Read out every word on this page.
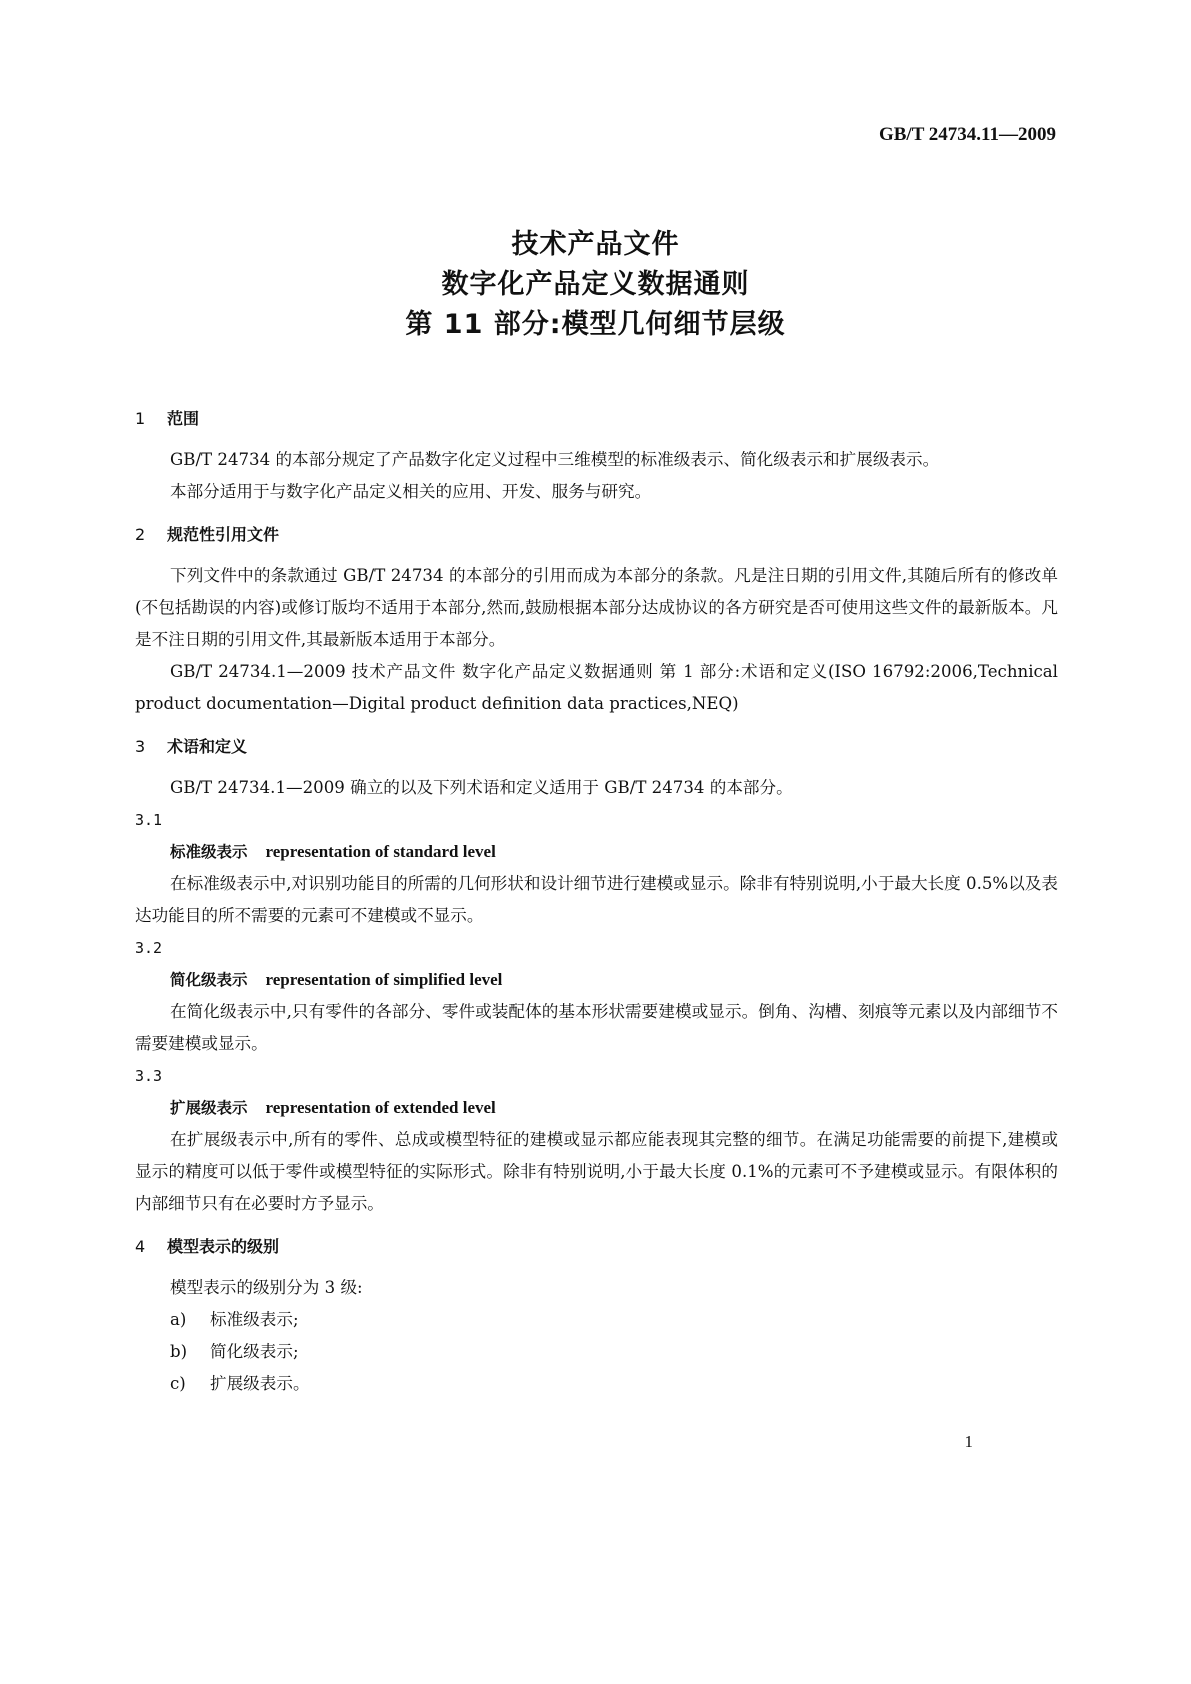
GB/T 24734.11—2009
技术产品文件
数字化产品定义数据通则
第 11 部分:模型几何细节层级
1 范围

GB/T 24734 的本部分规定了产品数字化定义过程中三维模型的标准级表示、简化级表示和扩展级表示。

本部分适用于与数字化产品定义相关的应用、开发、服务与研究。

2 规范性引用文件

下列文件中的条款通过 GB/T 24734 的本部分的引用而成为本部分的条款。凡是注日期的引用文件,其随后所有的修改单(不包括勘误的内容)或修订版均不适用于本部分,然而,鼓励根据本部分达成协议的各方研究是否可使用这些文件的最新版本。凡是不注日期的引用文件,其最新版本适用于本部分。

GB/T 24734.1—2009 技术产品文件 数字化产品定义数据通则 第 1 部分:术语和定义(ISO 16792:2006,Technical product documentation—Digital product definition data practices,NEQ)

3 术语和定义

GB/T 24734.1—2009 确立的以及下列术语和定义适用于 GB/T 24734 的本部分。

3.1

标准级表示 representation of standard level

在标准级表示中,对识别功能目的所需的几何形状和设计细节进行建模或显示。除非有特别说明,小于最大长度 0.5%以及表达功能目的所不需要的元素可不建模或不显示。

3.2

简化级表示 representation of simplified level

在简化级表示中,只有零件的各部分、零件或装配体的基本形状需要建模或显示。倒角、沟槽、刻痕等元素以及内部细节不需要建模或显示。

3.3

扩展级表示 representation of extended level

在扩展级表示中,所有的零件、总成或模型特征的建模或显示都应能表现其完整的细节。在满足功能需要的前提下,建模或显示的精度可以低于零件或模型特征的实际形式。除非有特别说明,小于最大长度 0.1%的元素可不予建模或显示。有限体积的内部细节只有在必要时方予显示。

4 模型表示的级别

模型表示的级别分为 3 级:

a) 标准级表示;

b) 简化级表示;

c) 扩展级表示。

1
